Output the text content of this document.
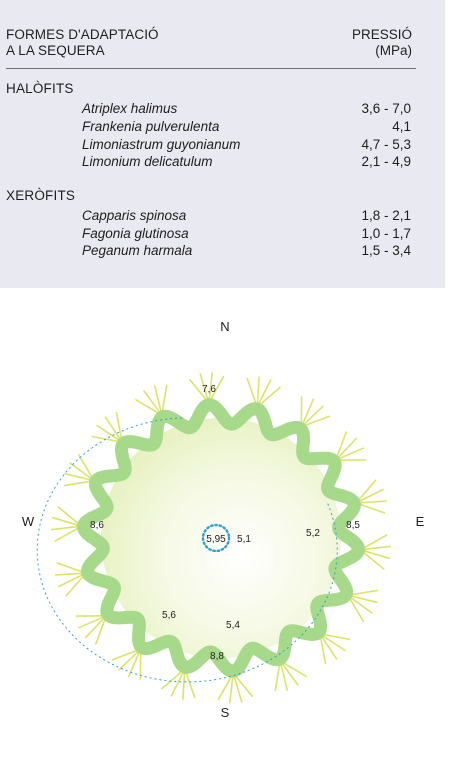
FORMES D'ADAPTACIÓ
A LA SEQUERA
PRESSIÓ
(MPa)
HALÒFITS
Atriplex halimus	3,6 - 7,0
Frankenia pulverulenta	4,1
Limoniastrum guyonianum	4,7 - 5,3
Limonium delicatulum	2,1 - 4,9
XERÒFITS
Capparis spinosa	1,8 - 2,1
Fagonia glutinosa	1,0 - 1,7
Peganum harmala	1,5 - 3,4
N
S
E
W
7,6
8,6	8,5
8,8
5,95 5,1
5,2
5,6
5,4
